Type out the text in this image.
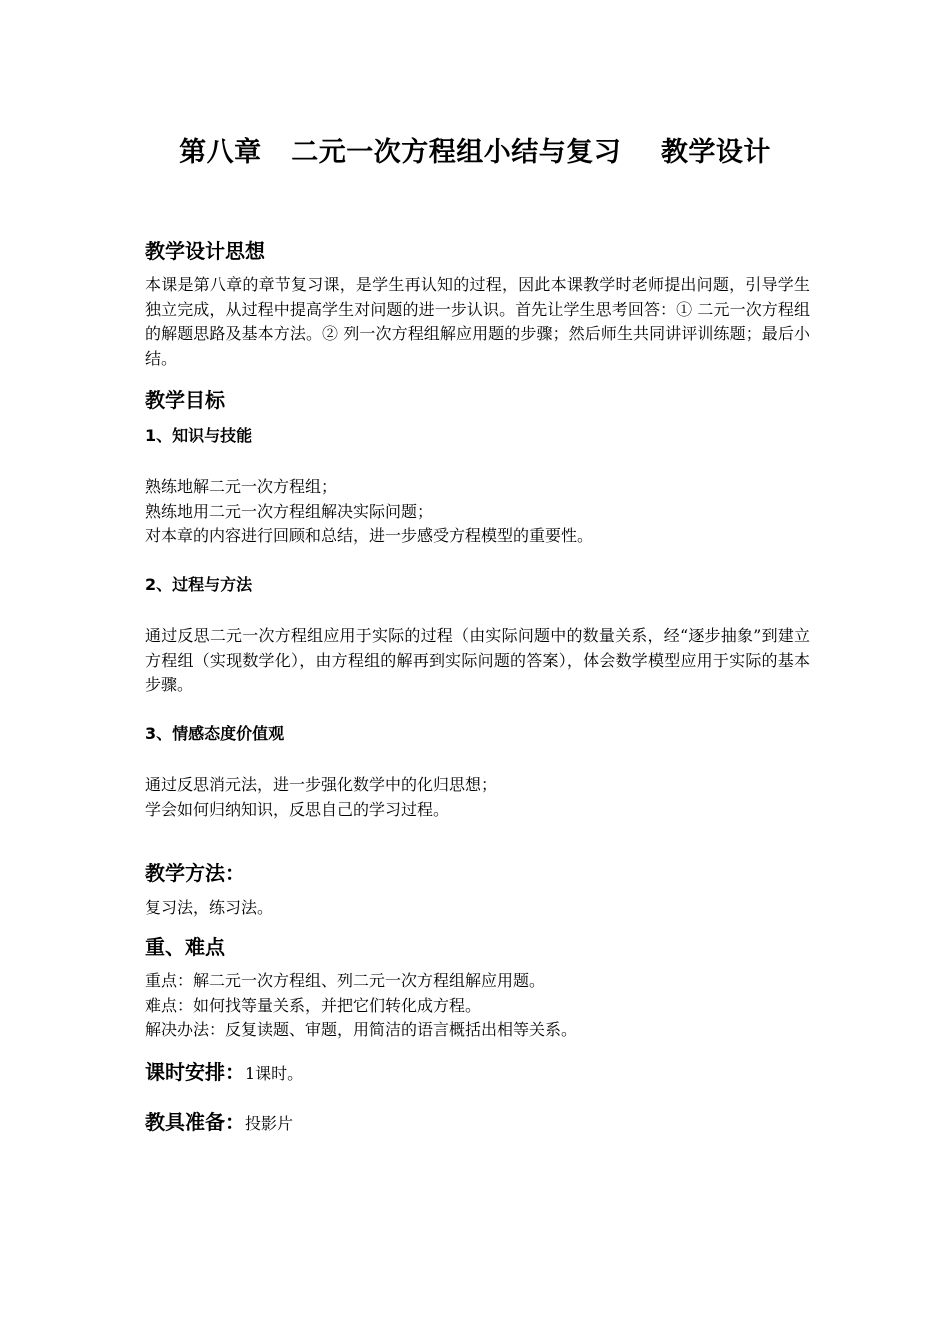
第八章   二元一次方程组小结与复习    教学设计
教学设计思想
本课是第八章的章节复习课，是学生再认知的过程，因此本课教学时老师提出问题，引导学生独立完成，从过程中提高学生对问题的进一步认识。首先让学生思考回答：① 二元一次方程组的解题思路及基本方法。② 列一次方程组解应用题的步骤；然后师生共同讲评训练题；最后小结。
教学目标
1、知识与技能
熟练地解二元一次方程组；
熟练地用二元一次方程组解决实际问题；
对本章的内容进行回顾和总结，进一步感受方程模型的重要性。
2、过程与方法
通过反思二元一次方程组应用于实际的过程（由实际问题中的数量关系，经“逐步抽象”到建立方程组（实现数学化），由方程组的解再到实际问题的答案），体会数学模型应用于实际的基本步骤。
3、情感态度价值观
通过反思消元法，进一步强化数学中的化归思想；
学会如何归纳知识，反思自己的学习过程。
教学方法：
复习法，练习法。
重、难点
重点：解二元一次方程组、列二元一次方程组解应用题。
难点：如何找等量关系，并把它们转化成方程。
解决办法：反复读题、审题，用简洁的语言概括出相等关系。
课时安排：1课时。
教具准备：投影片
